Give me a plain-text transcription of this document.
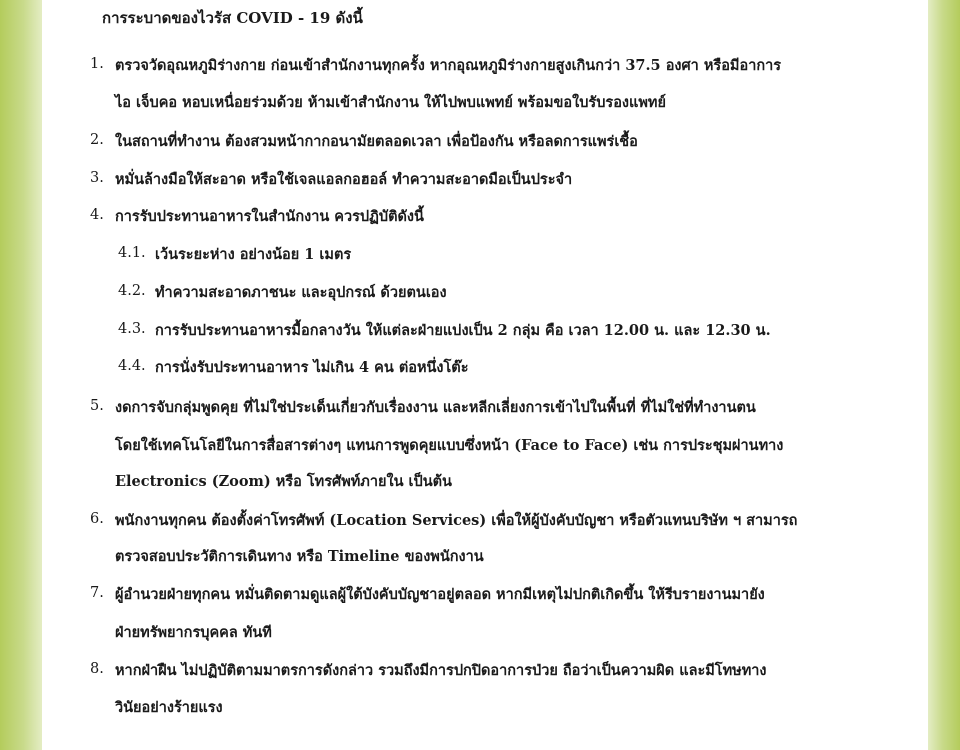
การระบาดของไวรัส COVID - 19 ดังนี้
1. ตรวจวัดอุณหภูมิร่างกาย ก่อนเข้าสำนักงานทุกครั้ง หากอุณหภูมิร่างกายสูงเกินกว่า 37.5 องศา หรือมีอาการ
ไอ เจ็บคอ หอบเหนื่อยร่วมด้วย ห้ามเข้าสำนักงาน ให้ไปพบแพทย์ พร้อมขอใบรับรองแพทย์
2. ในสถานที่ทำงาน ต้องสวมหน้ากากอนามัยตลอดเวลา เพื่อป้องกัน หรือลดการแพร่เชื้อ
3. หมั่นล้างมือให้สะอาด หรือใช้เจลแอลกอฮอล์ ทำความสะอาดมือเป็นประจำ
4. การรับประทานอาหารในสำนักงาน ควรปฏิบัติดังนี้
4.1. เว้นระยะห่าง อย่างน้อย 1 เมตร
4.2. ทำความสะอาดภาชนะ และอุปกรณ์ ด้วยตนเอง
4.3. การรับประทานอาหารมื้อกลางวัน ให้แต่ละฝ่ายแบ่งเป็น 2 กลุ่ม คือ เวลา 12.00 น. และ 12.30 น.
4.4. การนั่งรับประทานอาหาร ไม่เกิน 4 คน ต่อหนึ่งโต๊ะ
5. งดการจับกลุ่มพูดคุย ที่ไม่ใช่ประเด็นเกี่ยวกับเรื่องงาน และหลีกเลี่ยงการเข้าไปในพื้นที่ ที่ไม่ใช่ที่ทำงานตน
โดยใช้เทคโนโลยีในการสื่อสารต่างๆ แทนการพูดคุยแบบซึ่งหน้า (Face to Face) เช่น การประชุมผ่านทาง
Electronics (Zoom) หรือ โทรศัพท์ภายใน เป็นต้น
6. พนักงานทุกคน ต้องตั้งค่าโทรศัพท์ (Location Services) เพื่อให้ผู้บังคับบัญชา หรือตัวแทนบริษัท ฯ สามารถ
ตรวจสอบประวัติการเดินทาง หรือ Timeline ของพนักงาน
7. ผู้อำนวยฝ่ายทุกคน หมั่นติดตามดูแลผู้ใต้บังคับบัญชาอยู่ตลอด หากมีเหตุไม่ปกติเกิดขึ้น ให้รีบรายงานมายัง
ฝ่ายทรัพยากรบุคคล ทันที
8. หากฝ่าฝืน ไม่ปฏิบัติตามมาตรการดังกล่าว รวมถึงมีการปกปิดอาการป่วย ถือว่าเป็นความผิด และมีโทษทาง
วินัยอย่างร้ายแรง
